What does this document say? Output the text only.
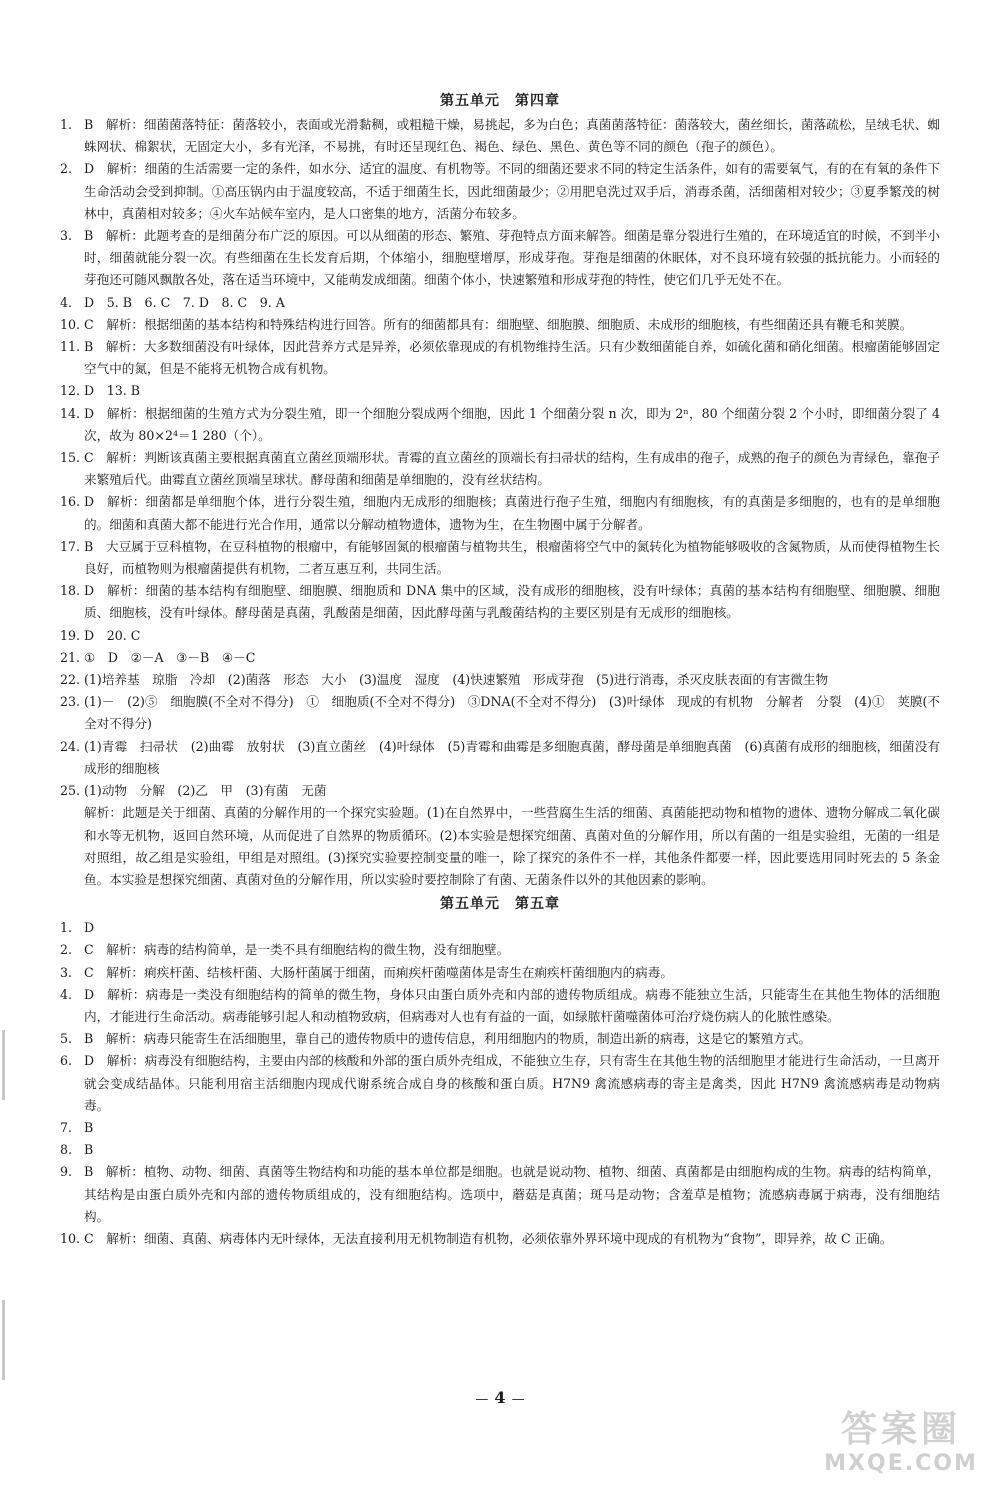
第五单元　第四章
1. B　解析：细菌菌落特征：菌落较小，表面或光滑黏稠，或粗糙干燥，易挑起，多为白色；真菌菌落特征：菌落较大，菌丝细长，菌落疏松，呈绒毛状、蜘蛛网状、棉絮状，无固定大小，多有光泽，不易挑，有时还呈现红色、褐色、绿色、黑色、黄色等不同的颜色（孢子的颜色）。
2. D　解析：细菌的生活需要一定的条件，如水分、适宜的温度、有机物等。不同的细菌还要求不同的特定生活条件，如有的需要氧气，有的在有氧的条件下生命活动会受到抑制。①高压锅内由于温度较高，不适于细菌生长，因此细菌最少；②用肥皂洗过双手后，消毒杀菌，活细菌相对较少；③夏季繁茂的树林中，真菌相对较多；④火车站候车室内，是人口密集的地方，活菌分布较多。
3. B　解析：此题考查的是细菌分布广泛的原因。可以从细菌的形态、繁殖、芽孢特点方面来解答。细菌是靠分裂进行生殖的，在环境适宜的时候，不到半小时，细菌就能分裂一次。有些细菌在生长发育后期，个体缩小，细胞壁增厚，形成芽孢。芽孢是细菌的休眠体，对不良环境有较强的抵抗能力。小而轻的芽孢还可随风飘散各处，落在适当环境中，又能萌发成细菌。细菌个体小，快速繁殖和形成芽孢的特性，使它们几乎无处不在。
4. D　5. B　6. C　7. D　8. C　9. A
10. C　解析：根据细菌的基本结构和特殊结构进行回答。所有的细菌都具有：细胞壁、细胞膜、细胞质、未成形的细胞核，有些细菌还具有鞭毛和荚膜。
11. B　解析：大多数细菌没有叶绿体，因此营养方式是异养，必须依靠现成的有机物维持生活。只有少数细菌能自养，如硫化菌和硝化细菌。根瘤菌能够固定空气中的氮，但是不能将无机物合成有机物。
12. D　13. B
14. D　解析：根据细菌的生殖方式为分裂生殖，即一个细胞分裂成两个细胞，因此 1 个细菌分裂 n 次，即为 2ⁿ，80 个细菌分裂 2 个小时，即细菌分裂了 4 次，故为 80×2⁴＝1 280（个）。
15. C　解析：判断该真菌主要根据真菌直立菌丝顶端形状。青霉的直立菌丝的顶端长有扫帚状的结构，生有成串的孢子，成熟的孢子的颜色为青绿色，靠孢子来繁殖后代。曲霉直立菌丝顶端呈球状。酵母菌和细菌是单细胞的，没有丝状结构。
16. D　解析：细菌都是单细胞个体，进行分裂生殖，细胞内无成形的细胞核；真菌进行孢子生殖，细胞内有细胞核，有的真菌是多细胞的，也有的是单细胞的。细菌和真菌大都不能进行光合作用，通常以分解动植物遗体，遗物为生，在生物圈中属于分解者。
17. B　大豆属于豆科植物，在豆科植物的根瘤中，有能够固氮的根瘤菌与植物共生，根瘤菌将空气中的氮转化为植物能够吸收的含氮物质，从而使得植物生长良好，而植物则为根瘤菌提供有机物，二者互惠互利，共同生活。
18. D　解析：细菌的基本结构有细胞壁、细胞膜、细胞质和 DNA 集中的区域，没有成形的细胞核，没有叶绿体；真菌的基本结构有细胞壁、细胞膜、细胞质、细胞核，没有叶绿体。酵母菌是真菌，乳酸菌是细菌，因此酵母菌与乳酸菌结构的主要区别是有无成形的细胞核。
19. D　20. C
21. ①　D　②－A　③－B　④－C
22. (1)培养基　琼脂　冷却　(2)菌落　形态　大小　(3)温度　湿度　(4)快速繁殖　形成芽孢　(5)进行消毒，杀灭皮肤表面的有害微生物
23. (1)－　(2)⑤　细胞膜(不全对不得分)　①　细胞质(不全对不得分)　③DNA(不全对不得分)　(3)叶绿体　现成的有机物　分解者　分裂　(4)①　荚膜(不全对不得分)
24. (1)青霉　扫帚状　(2)曲霉　放射状　(3)直立菌丝　(4)叶绿体　(5)青霉和曲霉是多细胞真菌，酵母菌是单细胞真菌　(6)真菌有成形的细胞核，细菌没有成形的细胞核
25. (1)动物　分解　(2)乙　甲　(3)有菌　无菌
解析：此题是关于细菌、真菌的分解作用的一个探究实验题。(1)在自然界中，一些营腐生生活的细菌、真菌能把动物和植物的遗体、遗物分解成二氧化碳和水等无机物，返回自然环境，从而促进了自然界的物质循环。(2)本实验是想探究细菌、真菌对鱼的分解作用，所以有菌的一组是实验组，无菌的一组是对照组，故乙组是实验组，甲组是对照组。(3)探究实验要控制变量的唯一，除了探究的条件不一样，其他条件都要一样，因此要选用同时死去的 5 条金鱼。本实验是想探究细菌、真菌对鱼的分解作用，所以实验时要控制除了有菌、无菌条件以外的其他因素的影响。
第五单元　第五章
1. D
2. C　解析：病毒的结构简单，是一类不具有细胞结构的微生物，没有细胞壁。
3. C　解析：痢疾杆菌、结核杆菌、大肠杆菌属于细菌，而痢疾杆菌噬菌体是寄生在痢疾杆菌细胞内的病毒。
4. D　解析：病毒是一类没有细胞结构的简单的微生物，身体只由蛋白质外壳和内部的遗传物质组成。病毒不能独立生活，只能寄生在其他生物体的活细胞内，才能进行生命活动。病毒能够引起人和动植物致病，但病毒对人也有有益的一面，如绿脓杆菌噬菌体可治疗烧伤病人的化脓性感染。
5. B　解析：病毒只能寄生在活细胞里，靠自己的遗传物质中的遗传信息，利用细胞内的物质，制造出新的病毒，这是它的繁殖方式。
6. D　解析：病毒没有细胞结构，主要由内部的核酸和外部的蛋白质外壳组成，不能独立生存，只有寄生在其他生物的活细胞里才能进行生命活动，一旦离开就会变成结晶体。只能利用宿主活细胞内现成代谢系统合成自身的核酸和蛋白质。H7N9 禽流感病毒的寄主是禽类，因此 H7N9 禽流感病毒是动物病毒。
7. B
8. B
9. B　解析：植物、动物、细菌、真菌等生物结构和功能的基本单位都是细胞。也就是说动物、植物、细菌、真菌都是由细胞构成的生物。病毒的结构简单，其结构是由蛋白质外壳和内部的遗传物质组成的，没有细胞结构。选项中，蘑菇是真菌；斑马是动物；含羞草是植物；流感病毒属于病毒，没有细胞结构。
10. C　解析：细菌、真菌、病毒体内无叶绿体，无法直接利用无机物制造有机物，必须依靠外界环境中现成的有机物为“食物”，即异养，故 C 正确。
— 4 —
答案圈
MXQE.COM
